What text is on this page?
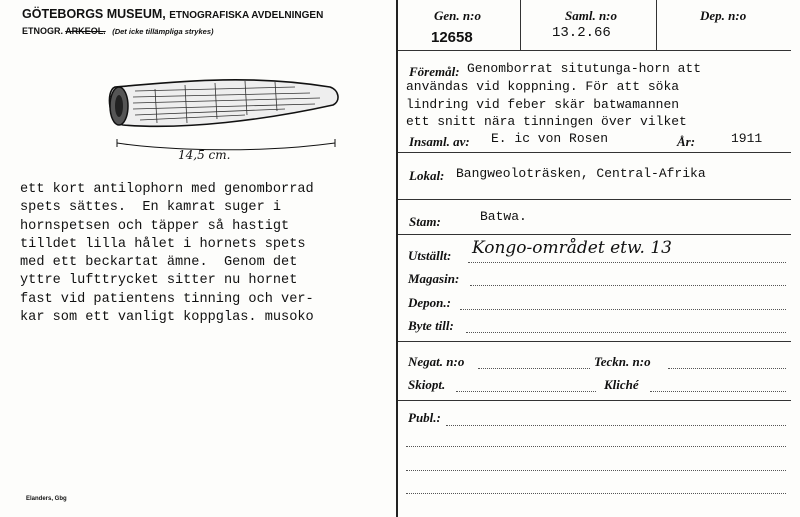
GÖTEBORGS MUSEUM, ETNOGRAFISKA AVDELNINGEN
ETNOGR. ARKEOL. (Det icke tillämpliga strykes)
14,5 cm.
ett kort antilophorn med genomborrad
spets sättes.  En kamrat suger i
hornspetsen och täpper så hastigt
tilldet lilla hålet i hornets spets
med ett beckartat ämne.  Genom det
yttre lufttrycket sitter nu hornet
fast vid patientens tinning och ver-
kar som ett vanligt koppglas. musoko
Elanders, Gbg
Gen. n:o	Saml. n:o	Dep. n:o
12658	13.2.66
Föremål: Genomborrat situtunga-horn att
användas vid koppning. För att söka
lindring vid feber skär batwamannen
ett snitt nära tinningen över vilket
Insaml. av: E. ic von Rosen	År:	1911
Lokal: Bangweoloträsken, Central-Afrika
Stam:	Batwa.
Utställt: Kongo-området etw. 13
Magasin:
Depon.:
Byte till:
Negat. n:o	Teckn. n:o
Skiopt.	Kliché
Publ.:
